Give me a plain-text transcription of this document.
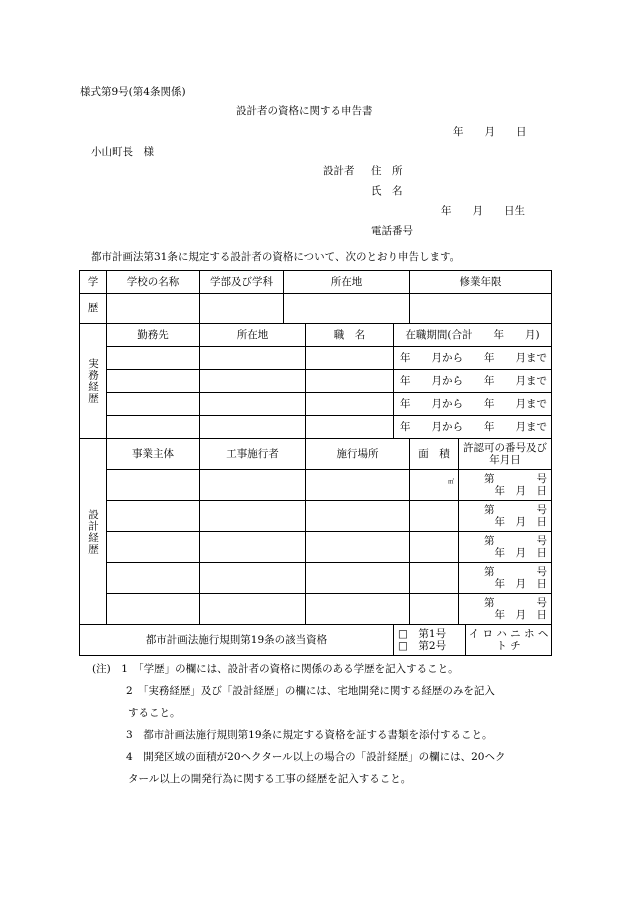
様式第9号(第4条関係)
設計者の資格に関する申告書
年　　月　　日
小山町長　様
設計者 住　所
氏　名
年　　月　　日生
電話番号
都市計画法第31条に規定する設計者の資格について、次のとおり申告します。
学	学校の名称	学部及び学科	所在地			修業年限		
歴								

実務経歴	勤務先	所在地		職　名	在職期間(合計　　年　　月)			
					年　　月から　　年　　月まで			
					年　　月から　　年　　月まで			
					年　　月から　　年　　月まで			
					年　　月から　　年　　月まで			

設計経歴	事業主体	工事施行者		施行場所		面　積	許認可の番号及び年月日	
						㎡	第　　　　号
年　月　日	

							第　　　　号
年　月　日	

							第　　　　号
年　月　日	

							第　　　　号
年　月　日	

							第　　　　号
年　月　日	

都市計画法施行規則第19条の該当資格					□　第1号
□　第2号			イ ロ ハ ニ ホ ヘ ト チ
(注)　 1　 「学歴」の欄には、設計者の資格に関係のある学歴を記入すること。
2　 「実務経歴」及び「設計経歴」の欄には、宅地開発に関する経歴のみを記入
すること。
3　 都市計画法施行規則第19条に規定する資格を証する書類を添付すること。
4　 開発区域の面積が20ヘクタール以上の場合の「設計経歴」の欄には、20ヘク
タール以上の開発行為に関する工事の経歴を記入すること。
